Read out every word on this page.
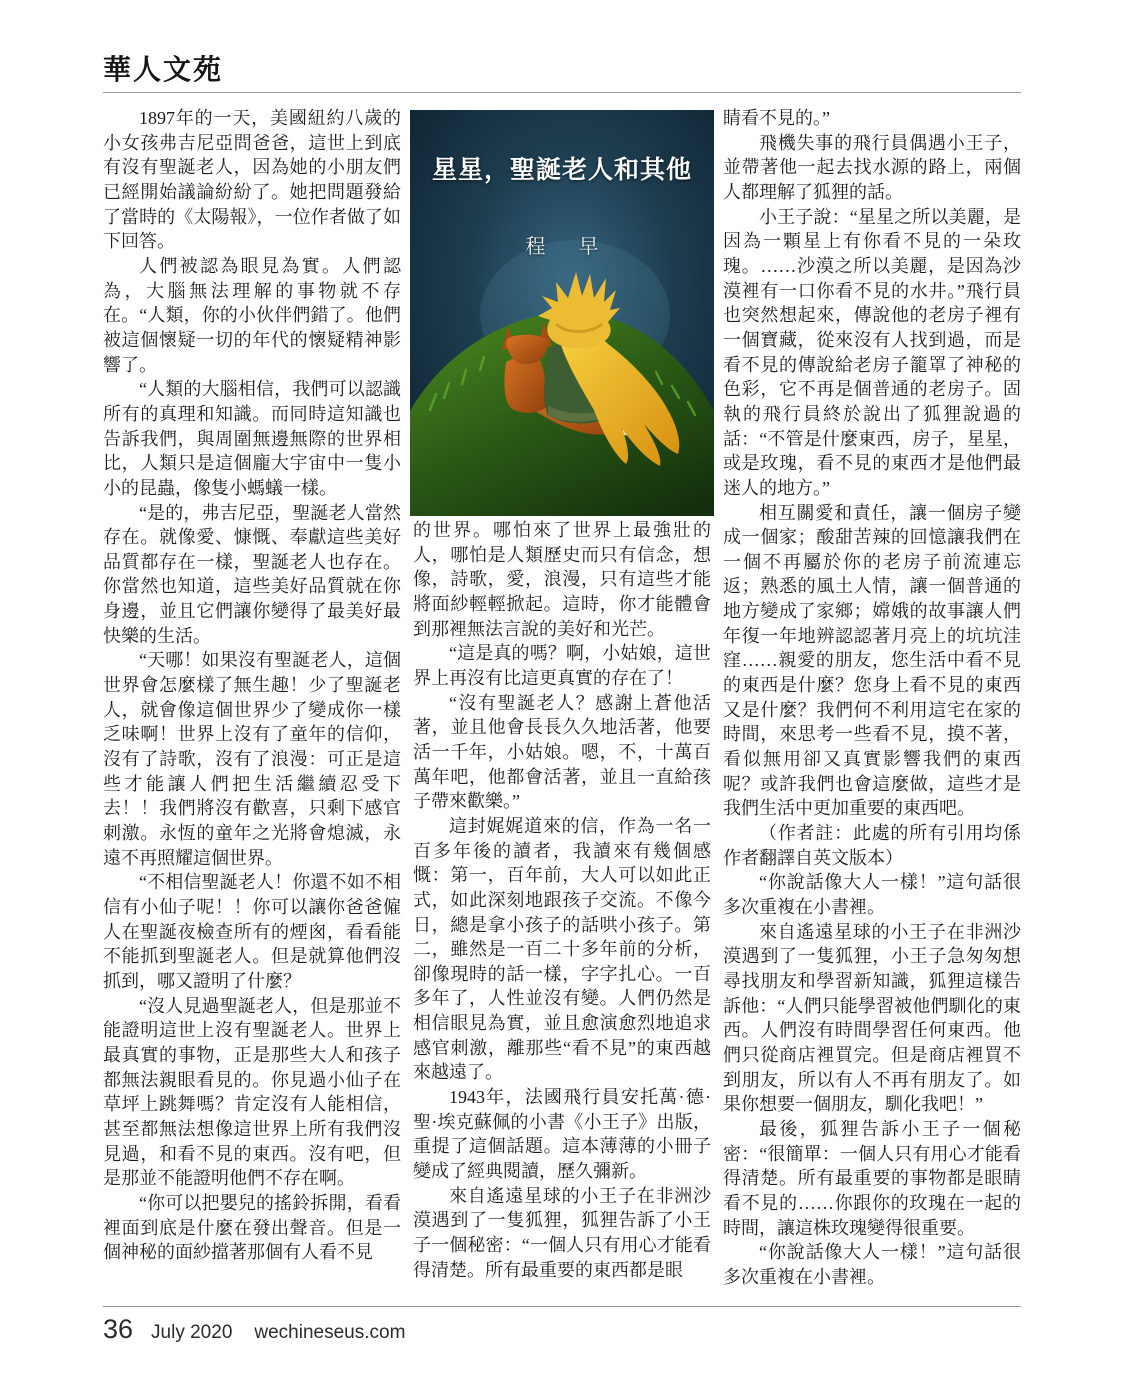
華人文苑

1897年的一天，美國紐約八歲的小女孩弗吉尼亞問爸爸，這世上到底有沒有聖誕老人，因為她的小朋友們已經開始議論紛紛了。她把問題發給了當時的《太陽報》，一位作者做了如下回答。

人們被認為眼見為實。人們認為，大腦無法理解的事物就不存在。“人類，你的小伙伴們錯了。他們被這個懷疑一切的年代的懷疑精神影響了。

“人類的大腦相信，我們可以認識所有的真理和知識。而同時這知識也告訴我們，與周圍無邊無際的世界相比，人類只是這個龐大宇宙中一隻小小的昆蟲，像隻小螞蟻一樣。

“是的，弗吉尼亞，聖誕老人當然存在。就像愛、慷慨、奉獻這些美好品質都存在一樣，聖誕老人也存在。你當然也知道，這些美好品質就在你身邊，並且它們讓你變得了最美好最快樂的生活。

“天哪！如果沒有聖誕老人，這個世界會怎麼樣了無生趣！少了聖誕老人，就會像這個世界少了變成你一樣乏味啊！世界上沒有了童年的信仰，沒有了詩歌，沒有了浪漫：可正是這些才能讓人們把生活繼續忍受下去！！我們將沒有歡喜，只剩下感官刺激。永恆的童年之光將會熄滅，永遠不再照耀這個世界。

“不相信聖誕老人！你還不如不相信有小仙子呢！！你可以讓你爸爸僱人在聖誕夜檢查所有的煙囪，看看能不能抓到聖誕老人。但是就算他們沒抓到，哪又證明了什麼？

“沒人見過聖誕老人，但是那並不能證明這世上沒有聖誕老人。世界上最真實的事物，正是那些大人和孩子都無法親眼看見的。你見過小仙子在草坪上跳舞嗎？肯定沒有人能相信，甚至都無法想像這世界上所有我們沒見過，和看不見的東西。沒有吧，但是那並不能證明他們不存在啊。

“你可以把嬰兒的搖鈴拆開，看看裡面到底是什麼在發出聲音。但是一個神秘的面紗擋著那個有人看不見

星星，聖誕老人和其他
程 早

的世界。哪怕來了世界上最強壯的人，哪怕是人類歷史而只有信念，想像，詩歌，愛，浪漫，只有這些才能將面紗輕輕掀起。這時，你才能體會到那裡無法言說的美好和光芒。

“這是真的嗎？啊，小姑娘，這世界上再沒有比這更真實的存在了！

“沒有聖誕老人？感謝上蒼他活著，並且他會長長久久地活著，他要活一千年，小姑娘。嗯，不，十萬百萬年吧，他都會活著，並且一直給孩子帶來歡樂。”

這封娓娓道來的信，作為一名一百多年後的讀者，我讀來有幾個感慨：第一，百年前，大人可以如此正式，如此深刻地跟孩子交流。不像今日，總是拿小孩子的話哄小孩子。第二，雖然是一百二十多年前的分析，卻像現時的話一樣，字字扎心。一百多年了，人性並沒有變。人們仍然是相信眼見為實，並且愈演愈烈地追求感官刺激，離那些“看不見”的東西越來越遠了。

1943年，法國飛行員安托萬·德·聖·埃克蘇佩的小書《小王子》出版，重提了這個話題。這本薄薄的小冊子變成了經典閱讀，歷久彌新。

來自遙遠星球的小王子在非洲沙漠遇到了一隻狐狸，狐狸告訴了小王子一個秘密：“一個人只有用心才能看得清楚。所有最重要的東西都是眼

睛看不見的。”

飛機失事的飛行員偶遇小王子，並帶著他一起去找水源的路上，兩個人都理解了狐狸的話。

小王子說：“星星之所以美麗，是因為一顆星上有你看不見的一朵玫瑰。……沙漠之所以美麗，是因為沙漠裡有一口你看不見的水井。”飛行員也突然想起來，傳說他的老房子裡有一個寶藏，從來沒有人找到過，而是看不見的傳說給老房子籠罩了神秘的色彩，它不再是個普通的老房子。固執的飛行員終於說出了狐狸說過的話：“不管是什麼東西，房子，星星，或是玫瑰，看不見的東西才是他們最迷人的地方。”

相互關愛和責任，讓一個房子變成一個家；酸甜苦辣的回憶讓我們在一個不再屬於你的老房子前流連忘返；熟悉的風土人情，讓一個普通的地方變成了家鄉；嫦娥的故事讓人們年復一年地辨認認著月亮上的坑坑洼窪……親愛的朋友，您生活中看不見的東西是什麼？您身上看不見的東西又是什麼？我們何不利用這宅在家的時間，來思考一些看不見，摸不著，看似無用卻又真實影響我們的東西呢？或許我們也會這麼做，這些才是我們生活中更加重要的東西吧。

（作者註：此處的所有引用均係作者翻譯自英文版本）

“你說話像大人一樣！”這句話很多次重複在小書裡。

來自遙遠星球的小王子在非洲沙漠遇到了一隻狐狸，小王子急匆匆想尋找朋友和學習新知識，狐狸這樣告訴他：“人們只能學習被他們馴化的東西。人們沒有時間學習任何東西。他們只從商店裡買完。但是商店裡買不到朋友，所以有人不再有朋友了。如果你想要一個朋友，馴化我吧！”

最後，狐狸告訴小王子一個秘密：“很簡單：一個人只有用心才能看得清楚。所有最重要的事物都是眼睛看不見的……你跟你的玫瑰在一起的時間，讓這株玫瑰變得很重要。

“你說話像大人一樣！”這句話很多次重複在小書裡。

36 July 2020 wechineseus.com
